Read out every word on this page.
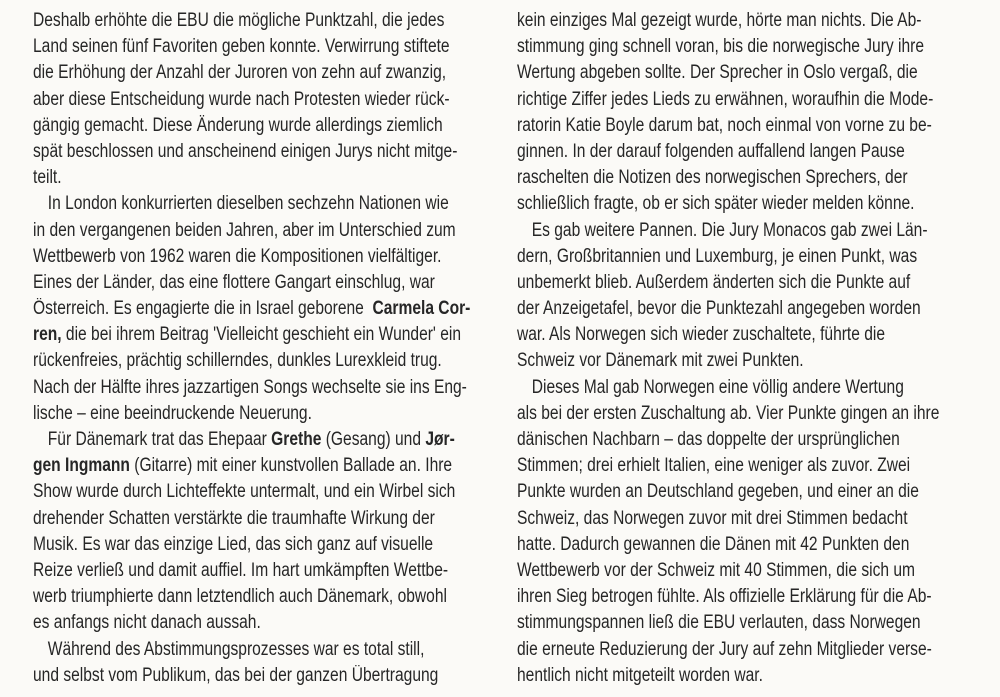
Deshalb erhöhte die EBU die mögliche Punktzahl, die jedes
Land seinen fünf Favoriten geben konnte. Verwirrung stiftete
die Erhöhung der Anzahl der Juroren von zehn auf zwanzig,
aber diese Entscheidung wurde nach Protesten wieder rück-
gängig gemacht. Diese Änderung wurde allerdings ziemlich
spät beschlossen und anscheinend einigen Jurys nicht mitge-
teilt.
In London konkurrierten dieselben sechzehn Nationen wie
in den vergangenen beiden Jahren, aber im Unterschied zum
Wettbewerb von 1962 waren die Kompositionen vielfältiger.
Eines der Länder, das eine flottere Gangart einschlug, war
Österreich. Es engagierte die in Israel geborene  Carmela Cor-
ren, die bei ihrem Beitrag 'Vielleicht geschieht ein Wunder' ein
rückenfreies, prächtig schillerndes, dunkles Lurexkleid trug.
Nach der Hälfte ihres jazzartigen Songs wechselte sie ins Eng-
lische – eine beeindruckende Neuerung.
Für Dänemark trat das Ehepaar Grethe (Gesang) und Jør-
gen Ingmann (Gitarre) mit einer kunstvollen Ballade an. Ihre
Show wurde durch Lichteffekte untermalt, und ein Wirbel sich
drehender Schatten verstärkte die traumhafte Wirkung der
Musik. Es war das einzige Lied, das sich ganz auf visuelle
Reize verließ und damit auffiel. Im hart umkämpften Wettbe-
werb triumphierte dann letztendlich auch Dänemark, obwohl
es anfangs nicht danach aussah.
Während des Abstimmungsprozesses war es total still,
und selbst vom Publikum, das bei der ganzen Übertragung
kein einziges Mal gezeigt wurde, hörte man nichts. Die Ab-
stimmung ging schnell voran, bis die norwegische Jury ihre
Wertung abgeben sollte. Der Sprecher in Oslo vergaß, die
richtige Ziffer jedes Lieds zu erwähnen, woraufhin die Mode-
ratorin Katie Boyle darum bat, noch einmal von vorne zu be-
ginnen. In der darauf folgenden auffallend langen Pause
raschelten die Notizen des norwegischen Sprechers, der
schließlich fragte, ob er sich später wieder melden könne.
Es gab weitere Pannen. Die Jury Monacos gab zwei Län-
dern, Großbritannien und Luxemburg, je einen Punkt, was
unbemerkt blieb. Außerdem änderten sich die Punkte auf
der Anzeigetafel, bevor die Punktezahl angegeben worden
war. Als Norwegen sich wieder zuschaltete, führte die
Schweiz vor Dänemark mit zwei Punkten.
Dieses Mal gab Norwegen eine völlig andere Wertung
als bei der ersten Zuschaltung ab. Vier Punkte gingen an ihre
dänischen Nachbarn – das doppelte der ursprünglichen
Stimmen; drei erhielt Italien, eine weniger als zuvor. Zwei
Punkte wurden an Deutschland gegeben, und einer an die
Schweiz, das Norwegen zuvor mit drei Stimmen bedacht
hatte. Dadurch gewannen die Dänen mit 42 Punkten den
Wettbewerb vor der Schweiz mit 40 Stimmen, die sich um
ihren Sieg betrogen fühlte. Als offizielle Erklärung für die Ab-
stimmungspannen ließ die EBU verlauten, dass Norwegen
die erneute Reduzierung der Jury auf zehn Mitglieder verse-
hentlich nicht mitgeteilt worden war.
